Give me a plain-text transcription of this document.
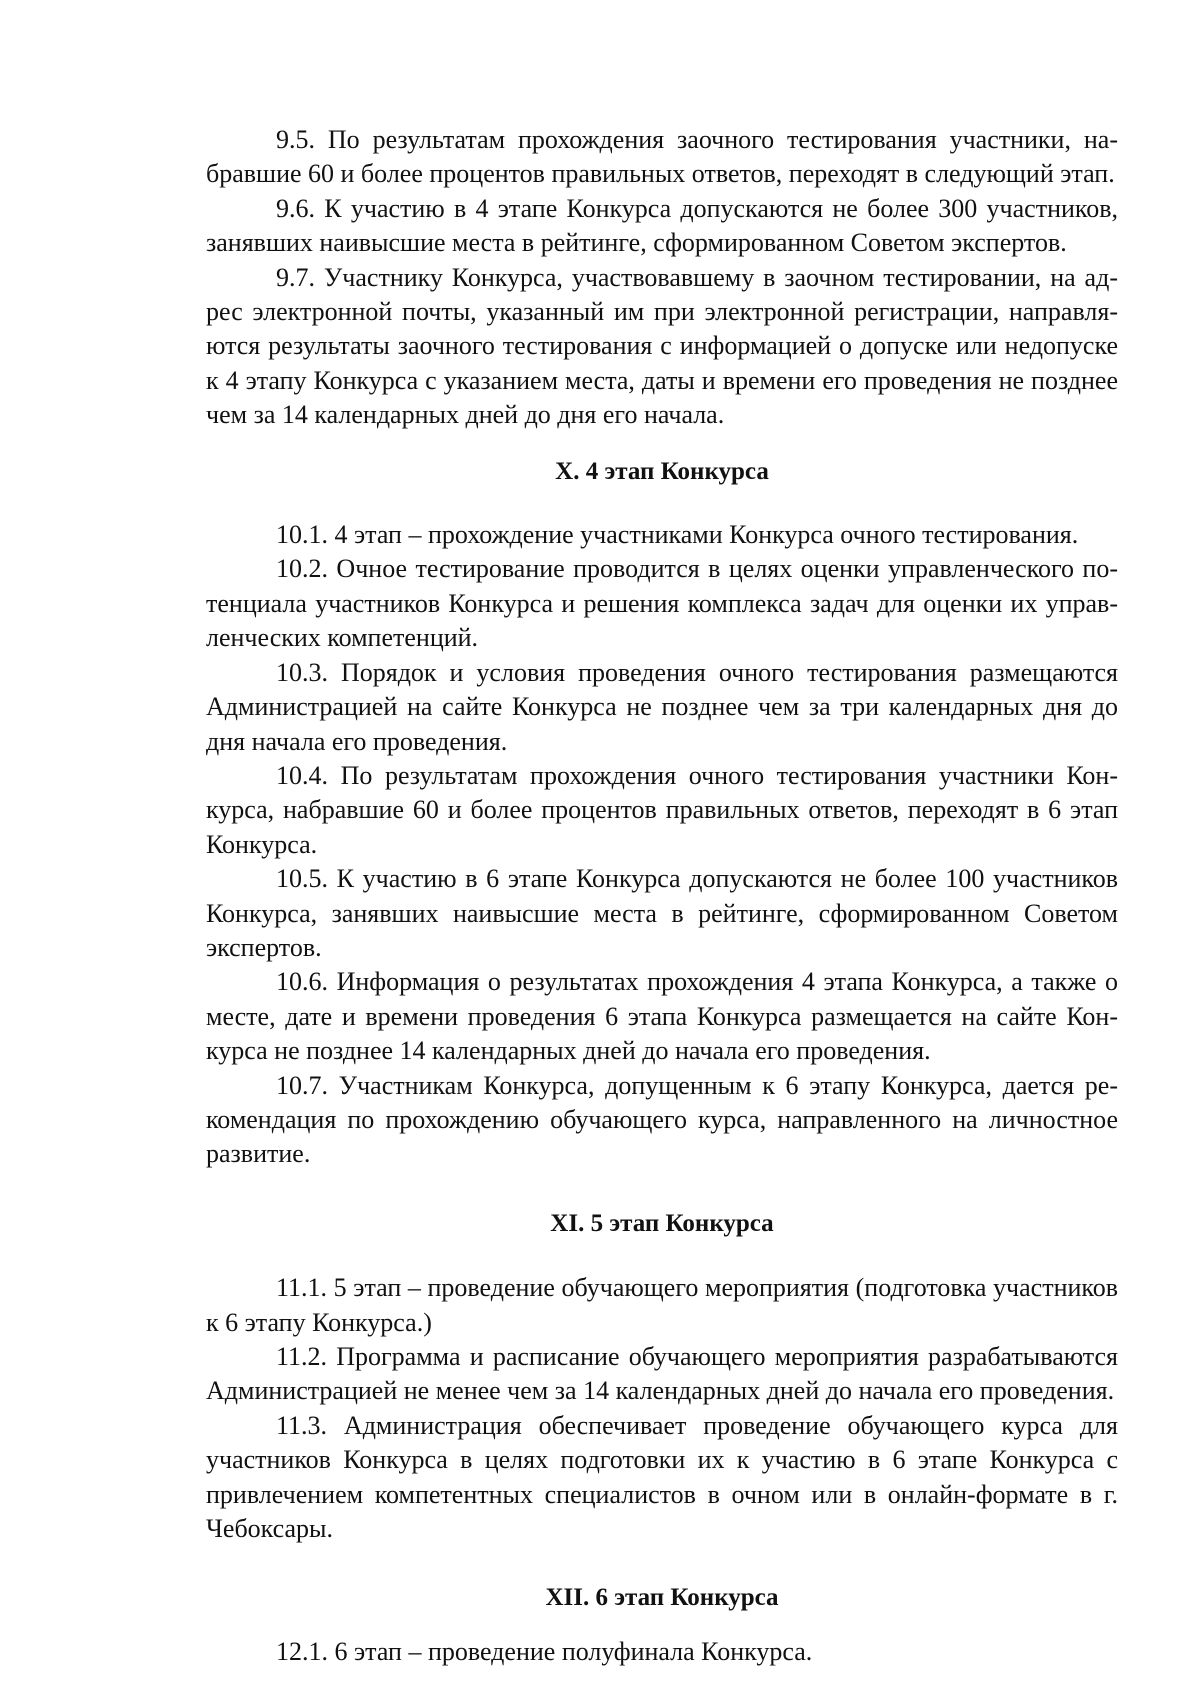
9.5. По результатам прохождения заочного тестирования участники, набравшие 60 и более процентов правильных ответов, переходят в следующий этап.

9.6. К участию в 4 этапе Конкурса допускаются не более 300 участников, занявших наивысшие места в рейтинге, сформированном Советом экспертов.

9.7. Участнику Конкурса, участвовавшему в заочном тестировании, на адрес электронной почты, указанный им при электронной регистрации, направляются результаты заочного тестирования с информацией о допуске или недопуске к 4 этапу Конкурса с указанием места, даты и времени его проведения не позднее чем за 14 календарных дней до дня его начала.

X. 4 этап Конкурса

10.1. 4 этап – прохождение участниками Конкурса очного тестирования.

10.2. Очное тестирование проводится в целях оценки управленческого потенциала участников Конкурса и решения комплекса задач для оценки их управленческих компетенций.

10.3. Порядок и условия проведения очного тестирования размещаются Администрацией на сайте Конкурса не позднее чем за три календарных дня до дня начала его проведения.

10.4. По результатам прохождения очного тестирования участники Конкурса, набравшие 60 и более процентов правильных ответов, переходят в 6 этап Конкурса.

10.5. К участию в 6 этапе Конкурса допускаются не более 100 участников Конкурса, занявших наивысшие места в рейтинге, сформированном Советом экспертов.

10.6. Информация о результатах прохождения 4 этапа Конкурса, а также о месте, дате и времени проведения 6 этапа Конкурса размещается на сайте Конкурса не позднее 14 календарных дней до начала его проведения.

10.7. Участникам Конкурса, допущенным к 6 этапу Конкурса, дается рекомендация по прохождению обучающего курса, направленного на личностное развитие.

XI. 5 этап Конкурса

11.1. 5 этап – проведение обучающего мероприятия (подготовка участников к 6 этапу Конкурса.)

11.2. Программа и расписание обучающего мероприятия разрабатываются Администрацией не менее чем за 14 календарных дней до начала его проведения.

11.3. Администрация обеспечивает проведение обучающего курса для участников Конкурса в целях подготовки их к участию в 6 этапе Конкурса с привлечением компетентных специалистов в очном или в онлайн-формате в г. Чебоксары.

XII. 6 этап Конкурса

12.1. 6 этап – проведение полуфинала Конкурса.
